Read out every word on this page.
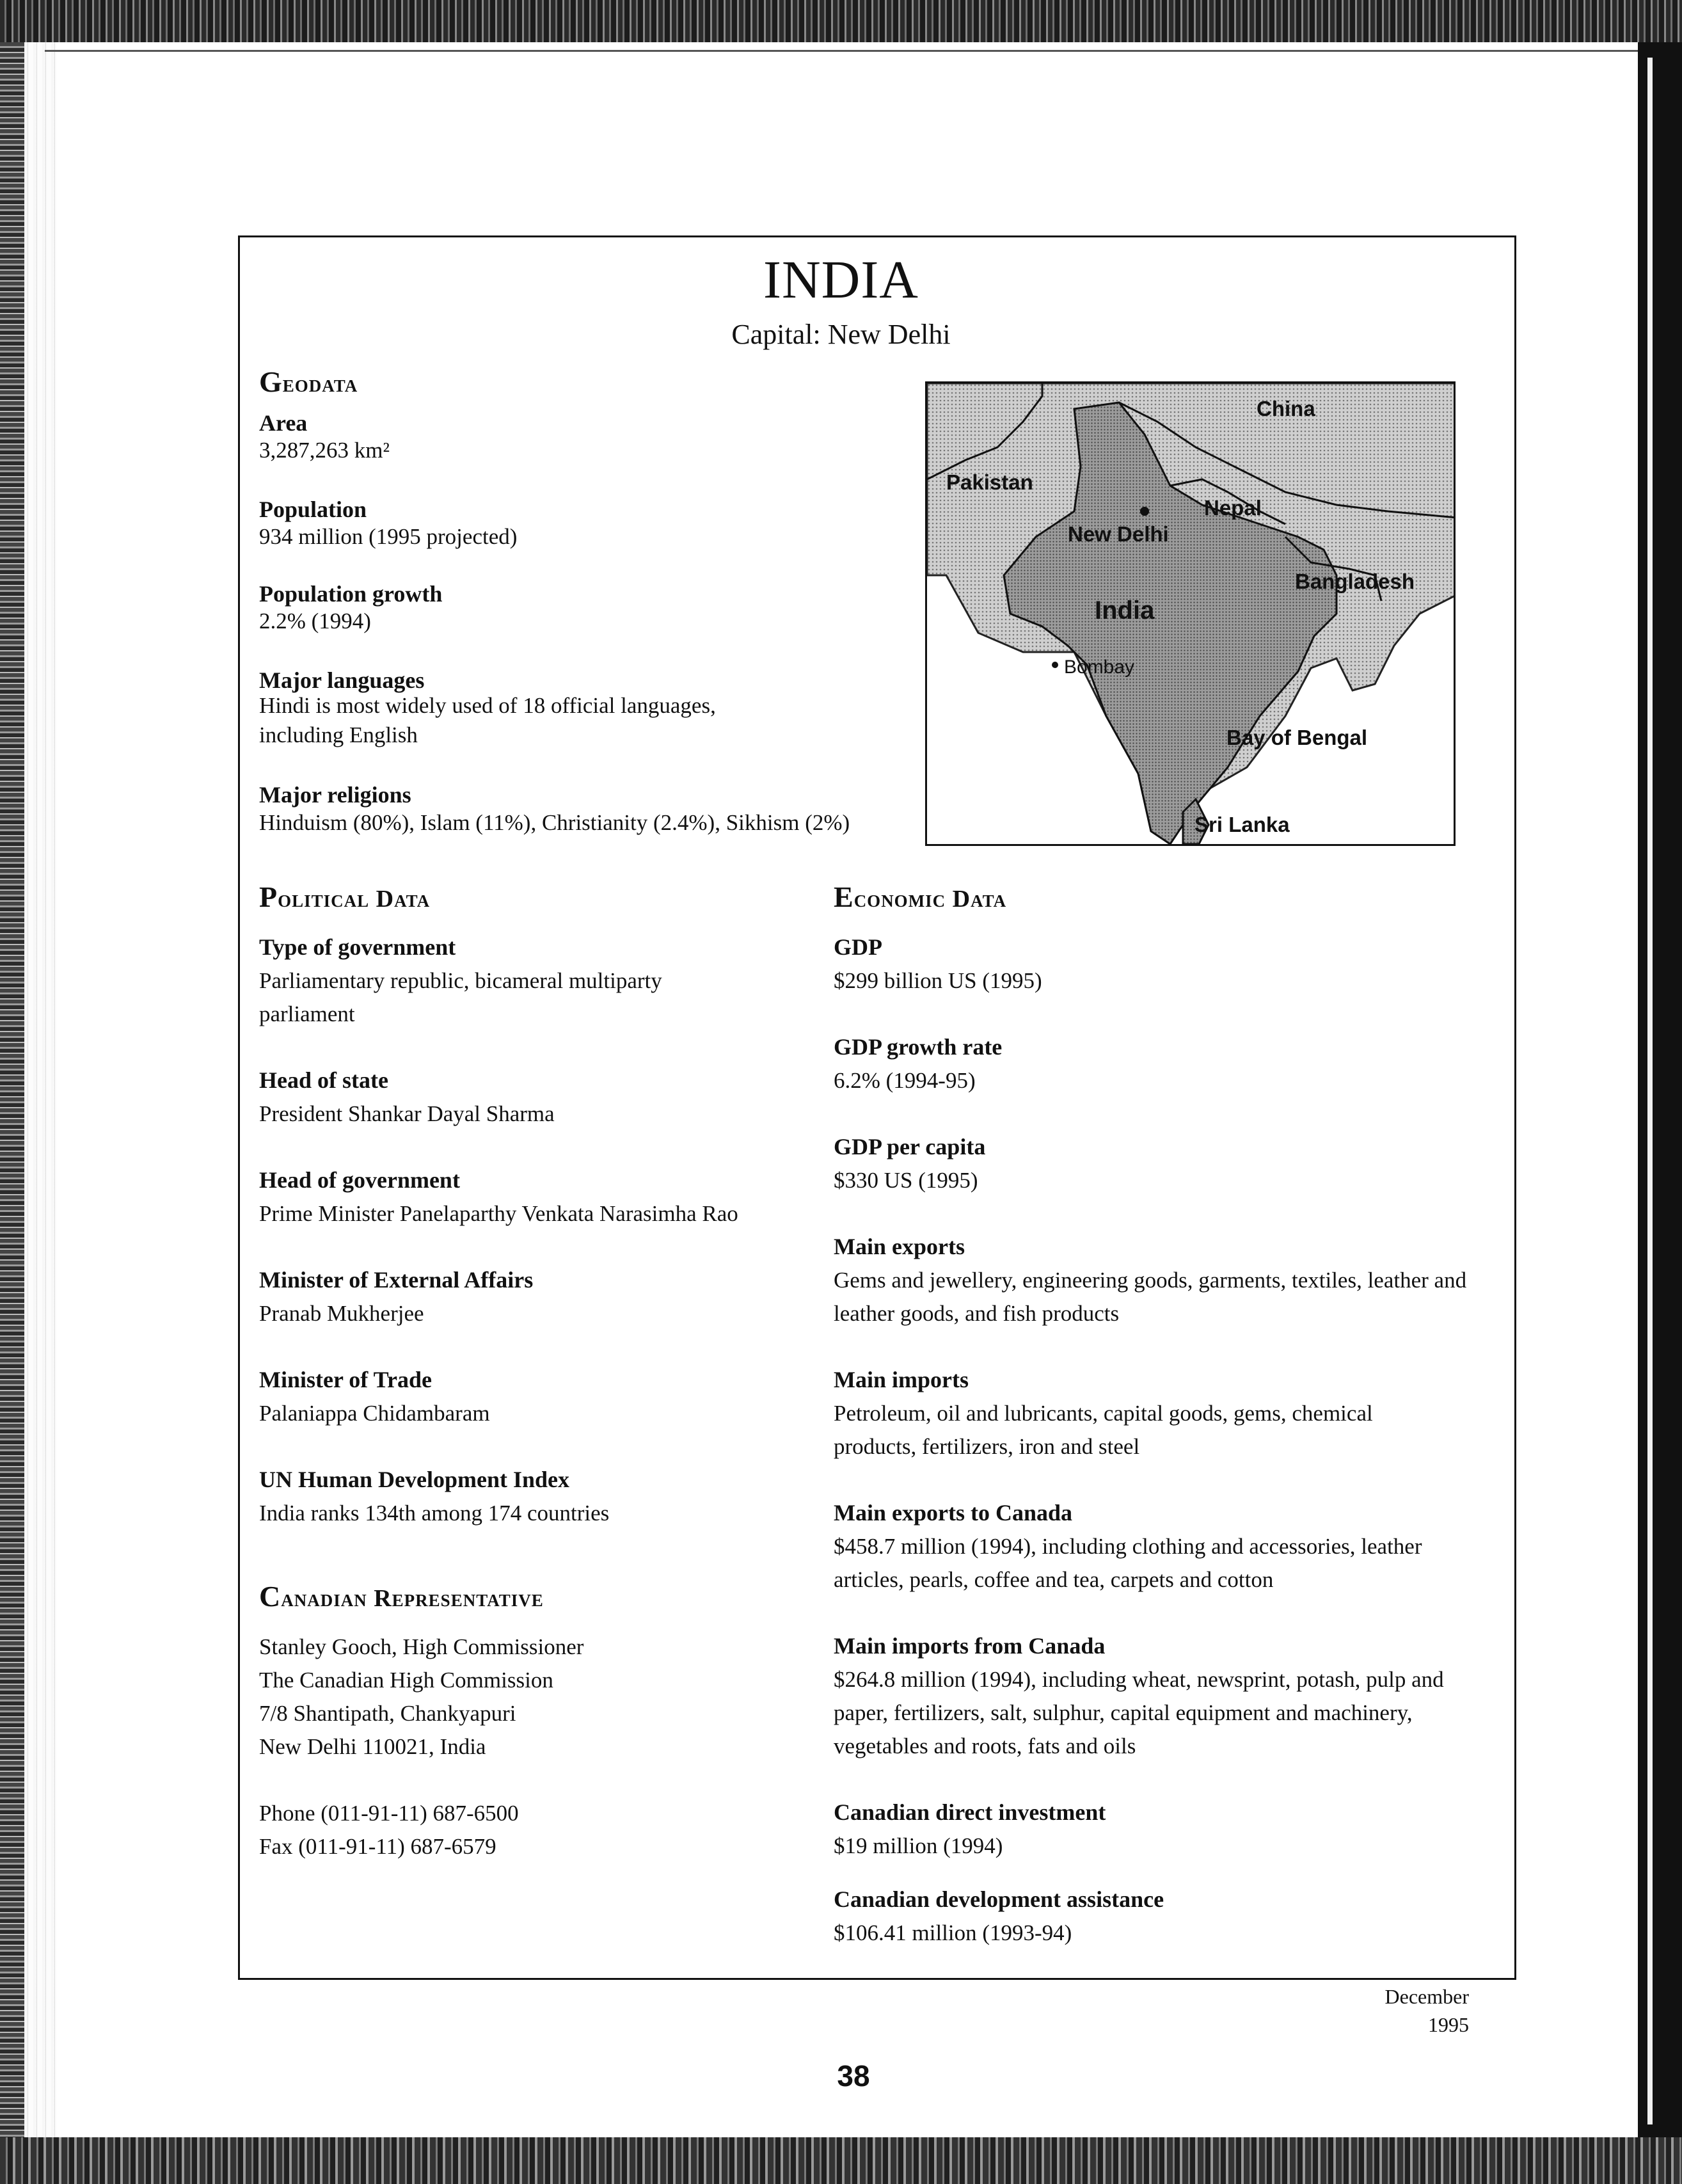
INDIA
Capital: New Delhi
Geodata
Area
3,287,263 km²
Population
934 million (1995 projected)
Population growth
2.2% (1994)
Major languages
Hindi is most widely used of 18 official languages, including English
Major religions
Hinduism (80%), Islam (11%), Christianity (2.4%), Sikhism (2%)
China
Pakistan
Nepal
New Delhi
Bangladesh
India
Bombay
Bay of Bengal
Sri Lanka
Political Data
Type of government
Parliamentary republic, bicameral multiparty parliament
Head of state
President Shankar Dayal Sharma
Head of government
Prime Minister Panelaparthy Venkata Narasimha Rao
Minister of External Affairs
Pranab Mukherjee
Minister of Trade
Palaniappa Chidambaram
UN Human Development Index
India ranks 134th among 174 countries
Canadian Representative
Stanley Gooch, High Commissioner
The Canadian High Commission
7/8 Shantipath, Chankyapuri
New Delhi 110021, India
Phone (011-91-11) 687-6500
Fax (011-91-11) 687-6579
Economic Data
GDP
$299 billion US (1995)
GDP growth rate
6.2% (1994-95)
GDP per capita
$330 US (1995)
Main exports
Gems and jewellery, engineering goods, garments, textiles, leather and leather goods, and fish products
Main imports
Petroleum, oil and lubricants, capital goods, gems, chemical products, fertilizers, iron and steel
Main exports to Canada
$458.7 million (1994), including clothing and accessories, leather articles, pearls, coffee and tea, carpets and cotton
Main imports from Canada
$264.8 million (1994), including wheat, newsprint, potash, pulp and paper, fertilizers, salt, sulphur, capital equipment and machinery, vegetables and roots, fats and oils
Canadian direct investment
$19 million (1994)
Canadian development assistance
$106.41 million (1993-94)
December 1995
38
